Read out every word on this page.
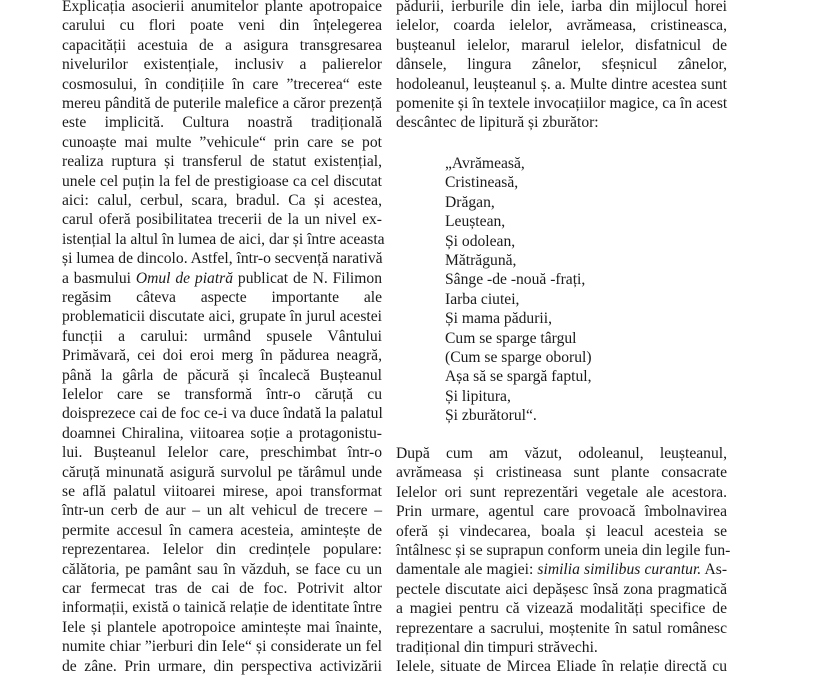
Explicația asocierii anumitelor plante apotropaice
carului cu flori poate veni din înțelegerea
capacității acestuia de a asigura transgresarea
nivelurilor existențiale, inclusiv a palierelor
cosmosului, în condițiile în care ”trecerea“ este
mereu pândită de puterile malefice a căror prezență
este implicită. Cultura noastră tradițională
cunoaște mai multe ”vehicule“ prin care se pot
realiza ruptura și transferul de statut existențial,
unele cel puțin la fel de prestigioase ca cel discutat
aici: calul, cerbul, scara, bradul. Ca și acestea,
carul oferă posibilitatea trecerii de la un nivel ex-
istențial la altul în lumea de aici, dar și între aceasta
și lumea de dincolo. Astfel, într-o secvență narativă
a basmului Omul de piatră publicat de N. Filimon
regăsim câteva aspecte importante ale
problematicii discutate aici, grupate în jurul acestei
funcții a carului: urmând spusele Vântului
Primăvară, cei doi eroi merg în pădurea neagră,
până la gârla de păcură și încalecă Bușteanul
Ielelor care se transformă într-o căruță cu
doisprezece cai de foc ce-i va duce îndată la palatul
doamnei Chiralina, viitoarea soție a protagonistu-
lui. Bușteanul Ielelor care, preschimbat într-o
căruță minunată asigură survolul pe tărâmul unde
se află palatul viitoarei mirese, apoi transformat
într-un cerb de aur – un alt vehicul de trecere –
permite accesul în camera acesteia, amintește de
reprezentarea. Ielelor din credințele populare:
călătoria, pe pamânt sau în văzduh, se face cu un
car fermecat tras de cai de foc. Potrivit altor
informații, există o tainică relație de identitate între
Iele și plantele apotropoice amintește mai înainte,
numite chiar ”ierburi din Iele“ și considerate un fel
de zâne. Prin urmare, din perspectiva activizării
pădurii, ierburile din iele, iarba din mijlocul horei
ielelor, coarda ielelor, avrămeasa, cristineasca,
bușteanul ielelor, mararul ielelor, disfatnicul de
dânsele, lingura zânelor, sfeșnicul zânelor,
hodoleanul, leușteanul ș. a. Multe dintre acestea sunt
pomenite și în textele invocațiilor magice, ca în acest
descântec de lipitură și zburător:
„Avrămeasă,
Cristineasă,
Drăgan,
Leuștean,
Și odolean,
Mătrăgună,
Sânge -de -nouă -frați,
Iarba ciutei,
Și mama pădurii,
Cum se sparge târgul
(Cum se sparge oborul)
Așa să se spargă faptul,
Și lipitura,
Și zburătorul“.
După cum am văzut, odoleanul, leușteanul,
avrămeasa și cristineasa sunt plante consacrate
Ielelor ori sunt reprezentări vegetale ale acestora.
Prin urmare, agentul care provoacă îmbolnavirea
oferă și vindecarea, boala și leacul acesteia se
întâlnesc și se suprapun conform uneia din legile fun-
damentale ale magiei: similia similibus curantur. As-
pectele discutate aici depășesc însă zona pragmatică
a magiei pentru că vizează modalități specifice de
reprezentare a sacrului, moștenite în satul românesc
tradițional din timpuri străvechi.
Ielele, situate de Mircea Eliade în relație directă cu
